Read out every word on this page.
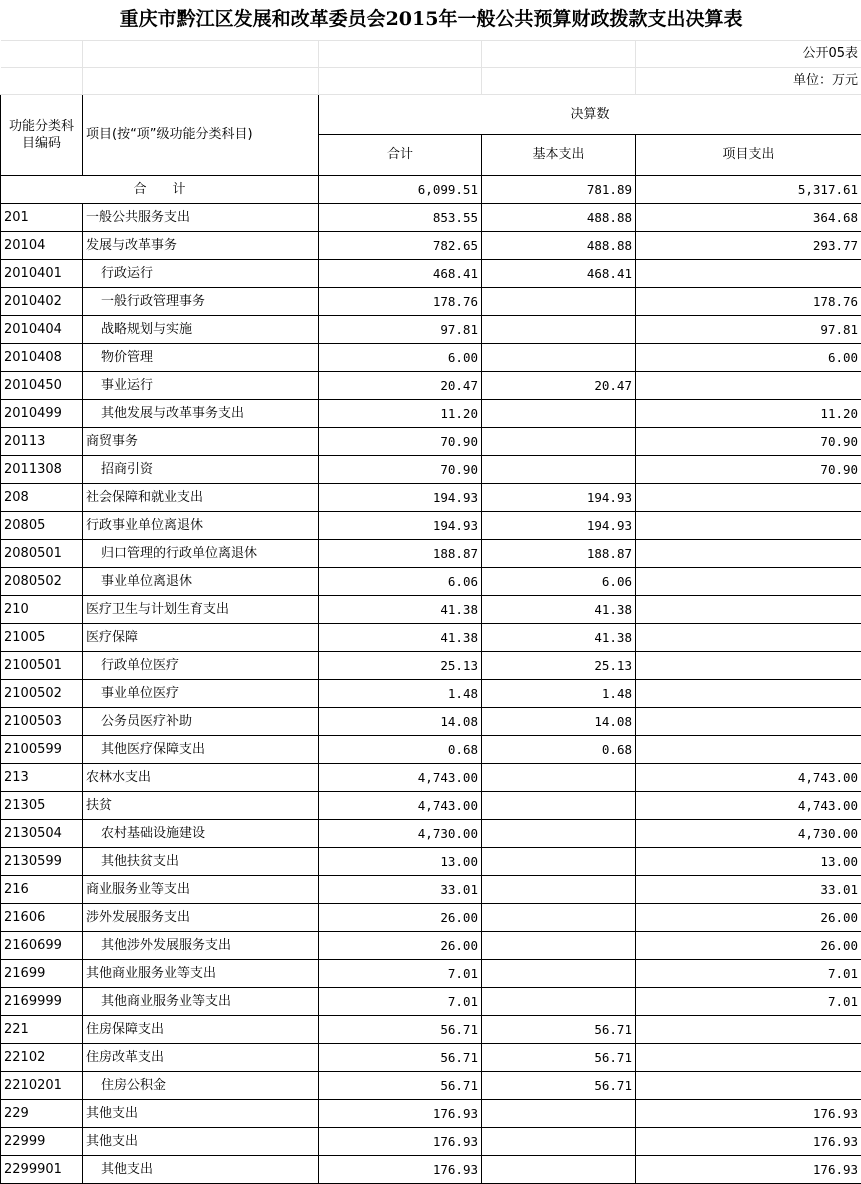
重庆市黔江区发展和改革委员会2015年一般公共预算财政拨款支出决算表				
				公开05表
				单位：万元
功能分类科目编码	项目(按“项”级功能分类科目)	决算数		
		合计	基本支出	项目支出
合　　计		6,099.51	781.89	5,317.61
201	一般公共服务支出	853.55	488.88	364.68
20104	发展与改革事务	782.65	488.88	293.77
2010401	行政运行	468.41	468.41	
2010402	一般行政管理事务	178.76		178.76
2010404	战略规划与实施	97.81		97.81
2010408	物价管理	6.00		6.00
2010450	事业运行	20.47	20.47	
2010499	其他发展与改革事务支出	11.20		11.20
20113	商贸事务	70.90		70.90
2011308	招商引资	70.90		70.90
208	社会保障和就业支出	194.93	194.93	
20805	行政事业单位离退休	194.93	194.93	
2080501	归口管理的行政单位离退休	188.87	188.87	
2080502	事业单位离退休	6.06	6.06	
210	医疗卫生与计划生育支出	41.38	41.38	
21005	医疗保障	41.38	41.38	
2100501	行政单位医疗	25.13	25.13	
2100502	事业单位医疗	1.48	1.48	
2100503	公务员医疗补助	14.08	14.08	
2100599	其他医疗保障支出	0.68	0.68	
213	农林水支出	4,743.00		4,743.00
21305	扶贫	4,743.00		4,743.00
2130504	农村基础设施建设	4,730.00		4,730.00
2130599	其他扶贫支出	13.00		13.00
216	商业服务业等支出	33.01		33.01
21606	涉外发展服务支出	26.00		26.00
2160699	其他涉外发展服务支出	26.00		26.00
21699	其他商业服务业等支出	7.01		7.01
2169999	其他商业服务业等支出	7.01		7.01
221	住房保障支出	56.71	56.71	
22102	住房改革支出	56.71	56.71	
2210201	住房公积金	56.71	56.71	
229	其他支出	176.93		176.93
22999	其他支出	176.93		176.93
2299901	其他支出	176.93		176.93
